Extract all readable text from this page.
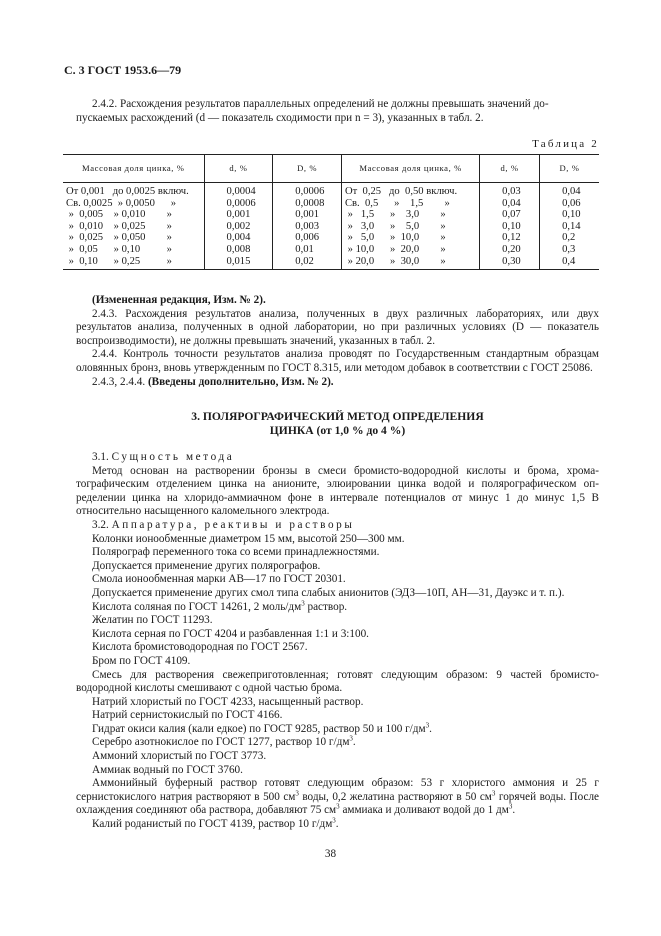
С. 3 ГОСТ 1953.6—79

2.4.2. Расхождения результатов параллельных определений не должны превышать значений до-
пускаемых расхождений (d — показатель сходимости при n = 3), указанных в табл. 2.

Таблица 2
Массовая доля цинка, %	d, %	D, %	Массовая доля цинка, %	d, %	D, %
От 0,001   до 0,0025 включ.	0,0004	0,0006	От  0,25   до  0,50 включ.	0,03	0,04
Св. 0,0025  » 0,0050      »	0,0006	0,0008	Св.  0,5      »    1,5        »	0,04	0,06
»  0,005    » 0,010        »	0,001	0,001	»   1,5      »    3,0        »	0,07	0,10
»  0,010    » 0,025        »	0,002	0,003	»   3,0      »    5,0        »	0,10	0,14
»  0,025    » 0,050        »	0,004	0,006	»   5,0      »  10,0        »	0,12	0,2
»  0,05      » 0,10          »	0,008	0,01	» 10,0      »  20,0        »	0,20	0,3
»  0,10      » 0,25          »	0,015	0,02	» 20,0      »  30,0        »	0,30	0,4

(Измененная редакция, Изм. № 2).

2.4.3. Расхождения результатов анализа, полученных в двух различных лабораториях, или двух результатов анализа, полученных в одной лаборатории, но при различных условиях (D — показатель воспроизводимости), не должны превышать значений, указанных в табл. 2.

2.4.4. Контроль точности результатов анализа проводят по Государственным стандартным образцам оловянных бронз, вновь утвержденным по ГОСТ 8.315, или методом добавок в соответствии с ГОСТ 25086.

2.4.3, 2.4.4. (Введены дополнительно, Изм. № 2).

3. ПОЛЯРОГРАФИЧЕСКИЙ МЕТОД ОПРЕДЕЛЕНИЯ
ЦИНКА (от 1,0 % до 4 %)

3.1. Сущность метода

Метод основан на растворении бронзы в смеси бромисто-водородной кислоты и брома, хроматографическим отделением цинка на анионите, элюировании цинка водой и полярографическом определении цинка на хлоридо-аммиачном фоне в интервале потенциалов от минус 1 до минус 1,5 В относительно насыщенного каломельного электрода.

3.2. Аппаратура, реактивы и растворы

Колонки ионообменные диаметром 15 мм, высотой 250—300 мм.

Полярограф переменного тока со всеми принадлежностями.

Допускается применение других полярографов.

Смола ионообменная марки АВ—17 по ГОСТ 20301.

Допускается применение других смол типа слабых анионитов (ЭДЗ—10П, АН—31, Дауэкс и т. п.).

Кислота соляная по ГОСТ 14261, 2 моль/$дм^3$ раствор.

Желатин по ГОСТ 11293.

Кислота серная по ГОСТ 4204 и разбавленная 1:1 и 3:100.

Кислота бромистоводородная по ГОСТ 2567.

Бром по ГОСТ 4109.

Смесь для растворения свежеприготовленная; готовят следующим образом: 9 частей бромистоводородной кислоты смешивают с одной частью брома.

Натрий хлористый по ГОСТ 4233, насыщенный раствор.

Натрий сернистокислый по ГОСТ 4166.

Гидрат окиси калия (кали едкое) по ГОСТ 9285, раствор 50 и 100 $г/дм^3$.

Серебро азотнокислое по ГОСТ 1277, раствор 10 $г/дм^3$.

Аммоний хлористый по ГОСТ 3773.

Аммиак водный по ГОСТ 3760.

Аммонийный буферный раствор готовят следующим образом: 53 г хлористого аммония и 25 г сернистокислого натрия растворяют в 500 $см^3$ воды, 0,2 желатина растворяют в 50 $см^3$ горячей воды. После охлаждения соединяют оба раствора, добавляют 75 $см^3$ аммиака и доливают водой до 1 $дм^3$.

Калий роданистый по ГОСТ 4139, раствор 10 $г/дм^3$.

38
